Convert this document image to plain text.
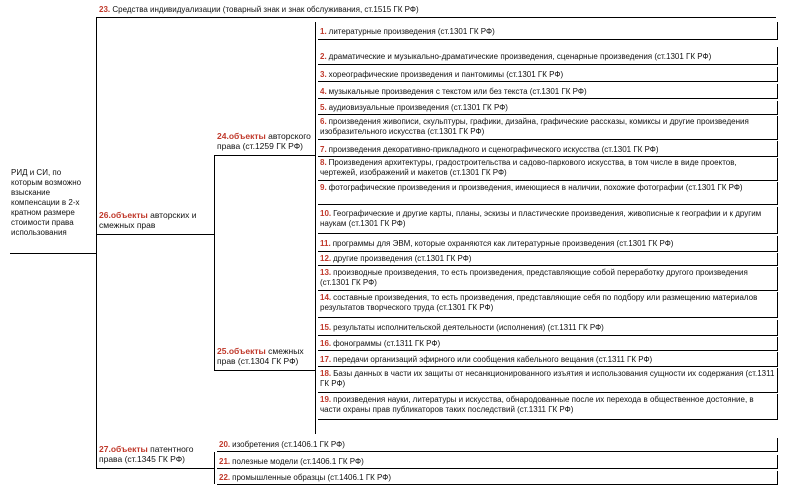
РИД и СИ, по которым возможно взыскание компенсации в 2-х кратном размере стоимости права использования
23. Средства индивидуализации (товарный знак и знак обслуживания, ст.1515 ГК РФ)
26.объекты авторских и смежных прав
27.объекты патентного права (ст.1345 ГК РФ)
24.объекты авторского права (ст.1259 ГК РФ)
25.объекты смежных прав (ст.1304 ГК РФ)
1. литературные произведения (ст.1301 ГК РФ)
2. драматические и музыкально-драматические произведения, сценарные произведения (ст.1301 ГК РФ)
3. хореографические произведения и пантомимы (ст.1301 ГК РФ)
4. музыкальные произведения с текстом или без текста (ст.1301 ГК РФ)
5. аудиовизуальные произведения (ст.1301 ГК РФ)
6. произведения живописи, скульптуры, графики, дизайна, графические рассказы, комиксы и другие произведения изобразительного искусства (ст.1301 ГК РФ)
7. произведения декоративно-прикладного и сценографического искусства (ст.1301 ГК РФ)
8. Произведения архитектуры, градостроительства и садово-паркового искусства, в том числе в виде проектов, чертежей, изображений и макетов (ст.1301 ГК РФ)
9. фотографические произведения и произведения, имеющиеся в наличии, похожие фотографии (ст.1301 ГК РФ)
10. Географические и другие карты, планы, эскизы и пластические произведения, живописные к географии и к другим наукам (ст.1301 ГК РФ)
11. программы для ЭВМ, которые охраняются как литературные произведения (ст.1301 ГК РФ)
12. другие произведения (ст.1301 ГК РФ)
13. производные произведения, то есть произведения, представляющие собой переработку другого произведения (ст.1301 ГК РФ)
14. составные произведения, то есть произведения, представляющие себя по подбору или размещению материалов результатов творческого труда (ст.1301 ГК РФ)
15. результаты исполнительской деятельности (исполнения) (ст.1311 ГК РФ)
16. фонограммы (ст.1311 ГК РФ)
17. передачи организаций эфирного или сообщения кабельного вещания (ст.1311 ГК РФ)
18. Базы данных в части их защиты от несанкционированного изъятия и использования сущности их содержания (ст.1311 ГК РФ)
19. произведения науки, литературы и искусства, обнародованные после их перехода в общественное достояние, в части охраны прав публикаторов таких последствий (ст.1311 ГК РФ)
20. изобретения (ст.1406.1 ГК РФ)
21. полезные модели (ст.1406.1 ГК РФ)
22. промышленные образцы (ст.1406.1 ГК РФ)
